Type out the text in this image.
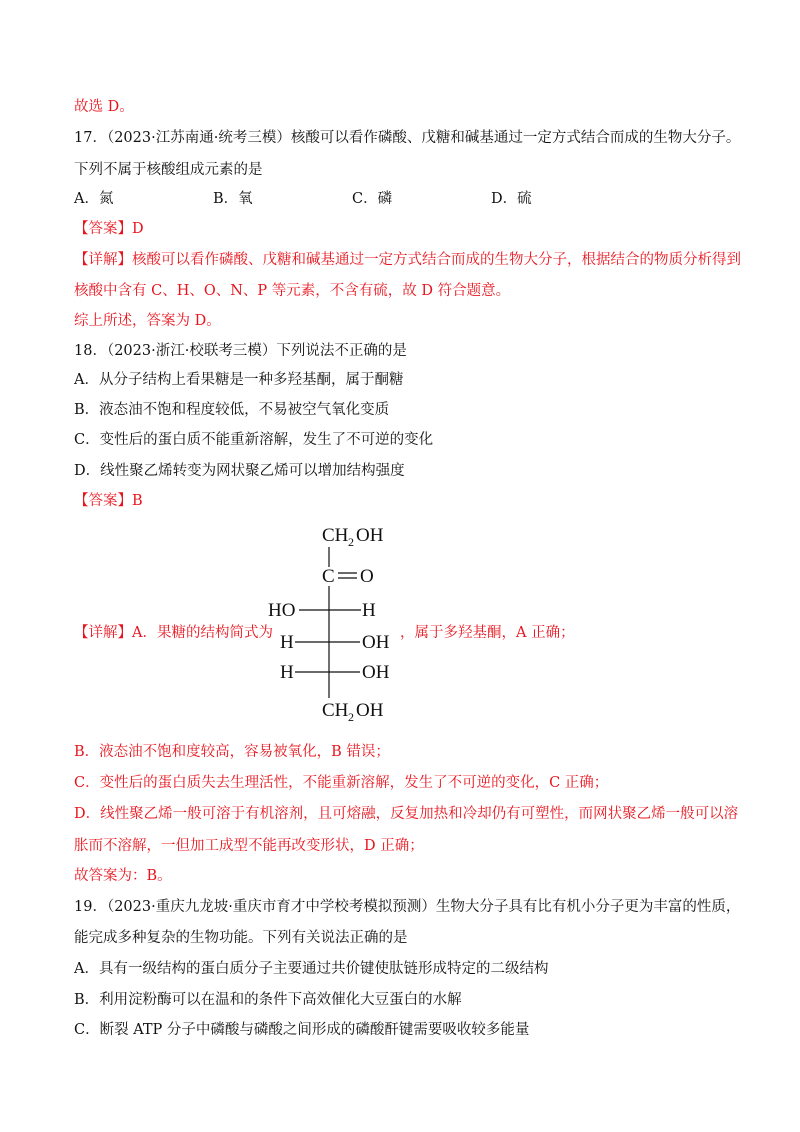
故选 D。
17．（2023·江苏南通·统考三模）核酸可以看作磷酸、戊糖和碱基通过一定方式结合而成的生物大分子。
下列不属于核酸组成元素的是
A．氮	B．氧	C．磷	D．硫
【答案】D
【详解】核酸可以看作磷酸、戊糖和碱基通过一定方式结合而成的生物大分子，根据结合的物质分析得到
核酸中含有 C、H、O、N、P 等元素，不含有硫，故 D 符合题意。
综上所述，答案为 D。
18．（2023·浙江·校联考三模）下列说法不正确的是
A．从分子结构上看果糖是一种多羟基酮，属于酮糖
B．液态油不饱和程度较低，不易被空气氧化变质
C．变性后的蛋白质不能重新溶解，发生了不可逆的变化
D．线性聚乙烯转变为网状聚乙烯可以增加结构强度
【答案】B
【详解】A．果糖的结构简式为
CH 2 OH
C O
HO	H
H	OH
H	OH
CH 2 OH
，属于多羟基酮，A 正确；
B．液态油不饱和度较高，容易被氧化，B 错误；
C．变性后的蛋白质失去生理活性，不能重新溶解，发生了不可逆的变化，C 正确；
D．线性聚乙烯一般可溶于有机溶剂，且可熔融，反复加热和冷却仍有可塑性，而网状聚乙烯一般可以溶
胀而不溶解，一但加工成型不能再改变形状，D 正确；
故答案为：B。
19．（2023·重庆九龙坡·重庆市育才中学校考模拟预测）生物大分子具有比有机小分子更为丰富的性质，
能完成多种复杂的生物功能。下列有关说法正确的是
A．具有一级结构的蛋白质分子主要通过共价键使肽链形成特定的二级结构
B．利用淀粉酶可以在温和的条件下高效催化大豆蛋白的水解
C．断裂 ATP 分子中磷酸与磷酸之间形成的磷酸酐键需要吸收较多能量
